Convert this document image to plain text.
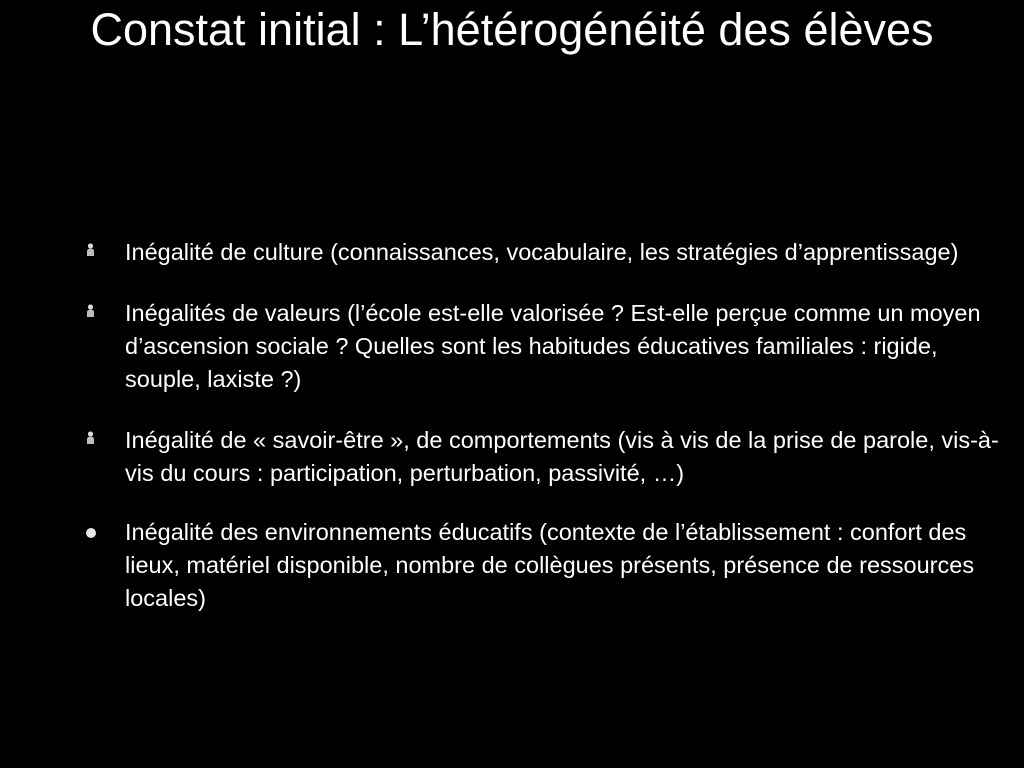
Constat initial : L’hétérogénéité des élèves
Inégalité de culture (connaissances, vocabulaire, les stratégies d’apprentissage)
Inégalités de valeurs (l’école est-elle valorisée ? Est-elle perçue comme un moyen d’ascension sociale ? Quelles sont les habitudes éducatives familiales : rigide, souple, laxiste ?)
Inégalité de « savoir-être », de comportements (vis à vis de la prise de parole, vis-à-vis du cours : participation, perturbation, passivité, …)
Inégalité des environnements éducatifs (contexte de l’établissement : confort des lieux, matériel disponible, nombre de collègues présents, présence de ressources locales)
